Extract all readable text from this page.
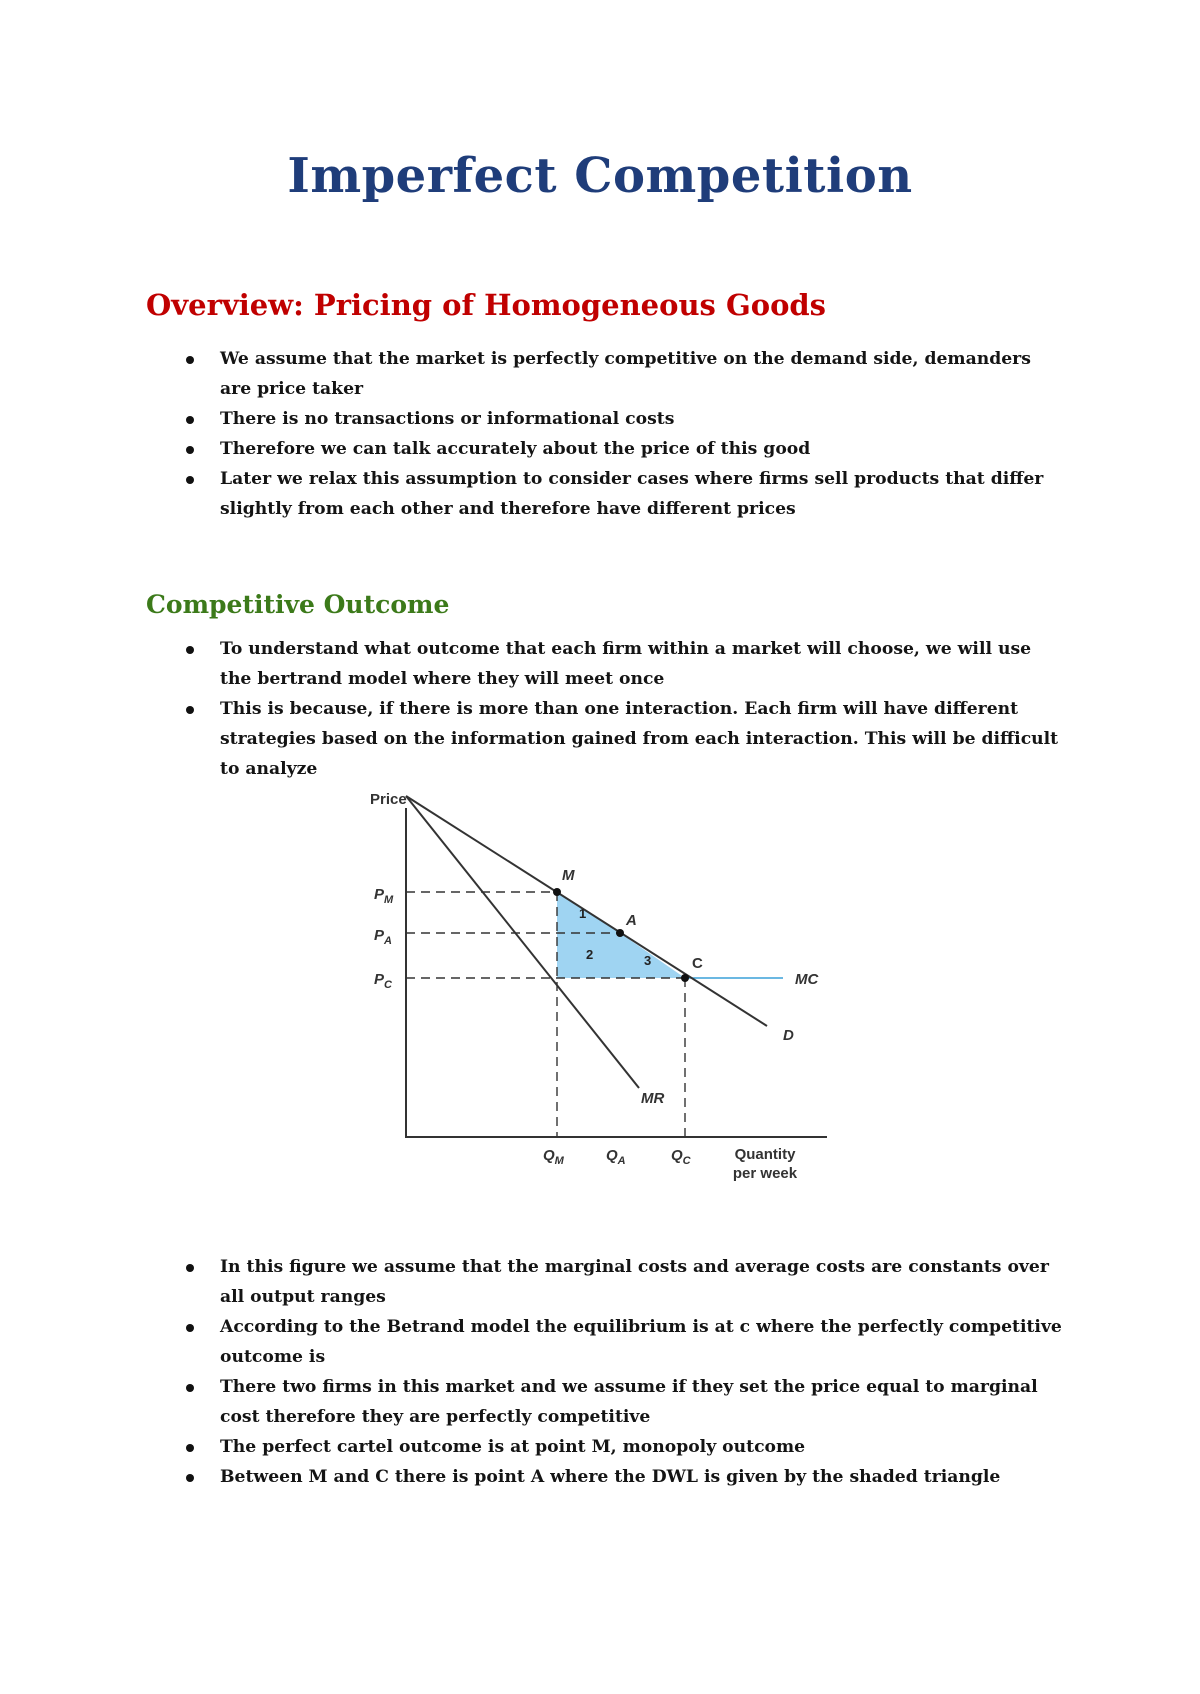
Imperfect Competition
Overview: Pricing of Homogeneous Goods
We assume that the market is perfectly competitive on the demand side, demanders are price taker
There is no transactions or informational costs
Therefore we can talk accurately about the price of this good
Later we relax this assumption to consider cases where firms sell products that differ slightly from each other and therefore have different prices
Competitive Outcome
To understand what outcome that each firm within a market will choose, we will use the bertrand model where they will meet once
This is because, if there is more than one interaction. Each firm will have different strategies based on the information gained from each interaction. This will be difficult to analyze
Price
$P_M$
$P_A$
$P_C$
$Q_M$	$Q_A$	$Q_C$	Quantity
per week
M
A
C
MC
D
MR
1
2	3
In this figure we assume that the marginal costs and average costs are constants over all output ranges
According to the Betrand model the equilibrium is at c where the perfectly competitive outcome is
There two firms in this market and we assume if they set the price equal to marginal cost therefore they are perfectly competitive
The perfect cartel outcome is at point M, monopoly outcome
Between M and C there is point A where the DWL is given by the shaded triangle
